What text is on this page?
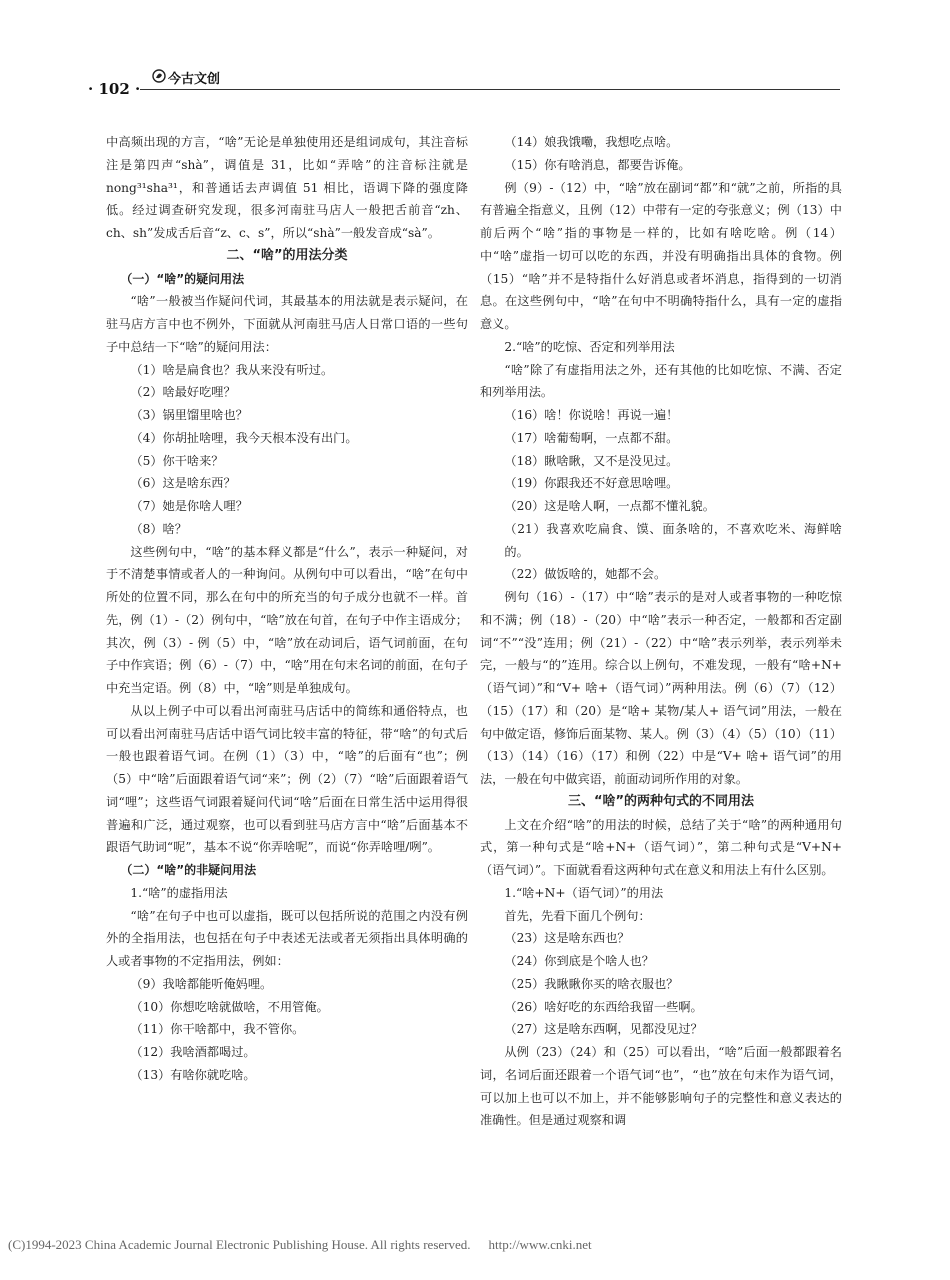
· 102 ·
今古文创

中高频出现的方言，“啥”无论是单独使用还是组词成句，其注音标注是第四声“shà”，调值是 31，比如“弄啥”的注音标注就是nong³¹sha³¹，和普通话去声调值 51 相比，语调下降的强度降低。经过调查研究发现，很多河南驻马店人一般把舌前音“zh、ch、sh”发成舌后音“z、c、s”，所以“shà”一般发音成“sà”。

二、“啥”的用法分类

（一）“啥”的疑问用法

“啥”一般被当作疑问代词，其最基本的用法就是表示疑问，在驻马店方言中也不例外，下面就从河南驻马店人日常口语的一些句子中总结一下“啥”的疑问用法：

（1）啥是扁食也？我从来没有听过。

（2）啥最好吃哩？

（3）锅里馏里啥也？

（4）你胡扯啥哩，我今天根本没有出门。

（5）你干啥来？

（6）这是啥东西？

（7）她是你啥人哩？

（8）啥？

这些例句中，“啥”的基本释义都是“什么”，表示一种疑问，对于不清楚事情或者人的一种询问。从例句中可以看出，“啥”在句中所处的位置不同，那么在句中的所充当的句子成分也就不一样。首先，例（1）-（2）例句中，“啥”放在句首，在句子中作主语成分；其次，例（3）- 例（5）中，“啥”放在动词后，语气词前面，在句子中作宾语；例（6）-（7）中，“啥”用在句末名词的前面，在句子中充当定语。例（8）中，“啥”则是单独成句。

从以上例子中可以看出河南驻马店话中的简练和通俗特点，也可以看出河南驻马店话中语气词比较丰富的特征，带“啥”的句式后一般也跟着语气词。在例（1）（3）中，“啥”的后面有“也”；例（5）中“啥”后面跟着语气词“来”；例（2）（7）“啥”后面跟着语气词“哩”；这些语气词跟着疑问代词“啥”后面在日常生活中运用得很普遍和广泛，通过观察，也可以看到驻马店方言中“啥”后面基本不跟语气助词“呢”，基本不说“你弄啥呢”，而说“你弄啥哩/咧”。

（二）“啥”的非疑问用法

1.“啥”的虚指用法

“啥”在句子中也可以虚指，既可以包括所说的范围之内没有例外的全指用法，也包括在句子中表述无法或者无须指出具体明确的人或者事物的不定指用法，例如：

（9）我啥都能听俺妈哩。

（10）你想吃啥就做啥，不用管俺。

（11）你干啥都中，我不管你。

（12）我啥酒都喝过。

（13）有啥你就吃啥。

（14）娘我饿嘞，我想吃点啥。

（15）你有啥消息，都要告诉俺。

例（9）-（12）中，“啥”放在副词“都”和“就”之前，所指的具有普遍全指意义，且例（12）中带有一定的夸张意义；例（13）中前后两个“啥”指的事物是一样的，比如有啥吃啥。例（14）中“啥”虚指一切可以吃的东西，并没有明确指出具体的食物。例（15）“啥”并不是特指什么好消息或者坏消息，指得到的一切消息。在这些例句中，“啥”在句中不明确特指什么，具有一定的虚指意义。

2.“啥”的吃惊、否定和列举用法

“啥”除了有虚指用法之外，还有其他的比如吃惊、不满、否定和列举用法。

（16）啥！你说啥！再说一遍！

（17）啥葡萄啊，一点都不甜。

（18）瞅啥瞅，又不是没见过。

（19）你跟我还不好意思啥哩。

（20）这是啥人啊，一点都不懂礼貌。

（21）我喜欢吃扁食、馍、面条啥的，不喜欢吃米、海鲜啥的。

（22）做饭啥的，她都不会。

例句（16）-（17）中“啥”表示的是对人或者事物的一种吃惊和不满；例（18）-（20）中“啥”表示一种否定，一般都和否定副词“不”“没”连用；例（21）-（22）中“啥”表示列举，表示列举未完，一般与“的”连用。综合以上例句，不难发现，一般有“啥+N+（语气词）”和“V+ 啥+（语气词）”两种用法。例（6）（7）（12）（15）（17）和（20）是“啥+ 某物/某人+ 语气词”用法，一般在句中做定语，修饰后面某物、某人。例（3）（4）（5）（10）（11）（13）（14）（16）（17）和例（22）中是“V+ 啥+ 语气词”的用法，一般在句中做宾语，前面动词所作用的对象。

三、“啥”的两种句式的不同用法

上文在介绍“啥”的用法的时候，总结了关于“啥”的两种通用句式，第一种句式是“啥+N+（语气词）”，第二种句式是“V+N+（语气词）”。下面就看看这两种句式在意义和用法上有什么区别。

1.“啥+N+（语气词）”的用法

首先，先看下面几个例句：

（23）这是啥东西也？

（24）你到底是个啥人也？

（25）我瞅瞅你买的啥衣服也？

（26）啥好吃的东西给我留一些啊。

（27）这是啥东西啊，见都没见过？

从例（23）（24）和（25）可以看出，“啥”后面一般都跟着名词，名词后面还跟着一个语气词“也”，“也”放在句末作为语气词，可以加上也可以不加上，并不能够影响句子的完整性和意义表达的准确性。但是通过观察和调

(C)1994-2023 China Academic Journal Electronic Publishing House. All rights reserved. http://www.cnki.net
